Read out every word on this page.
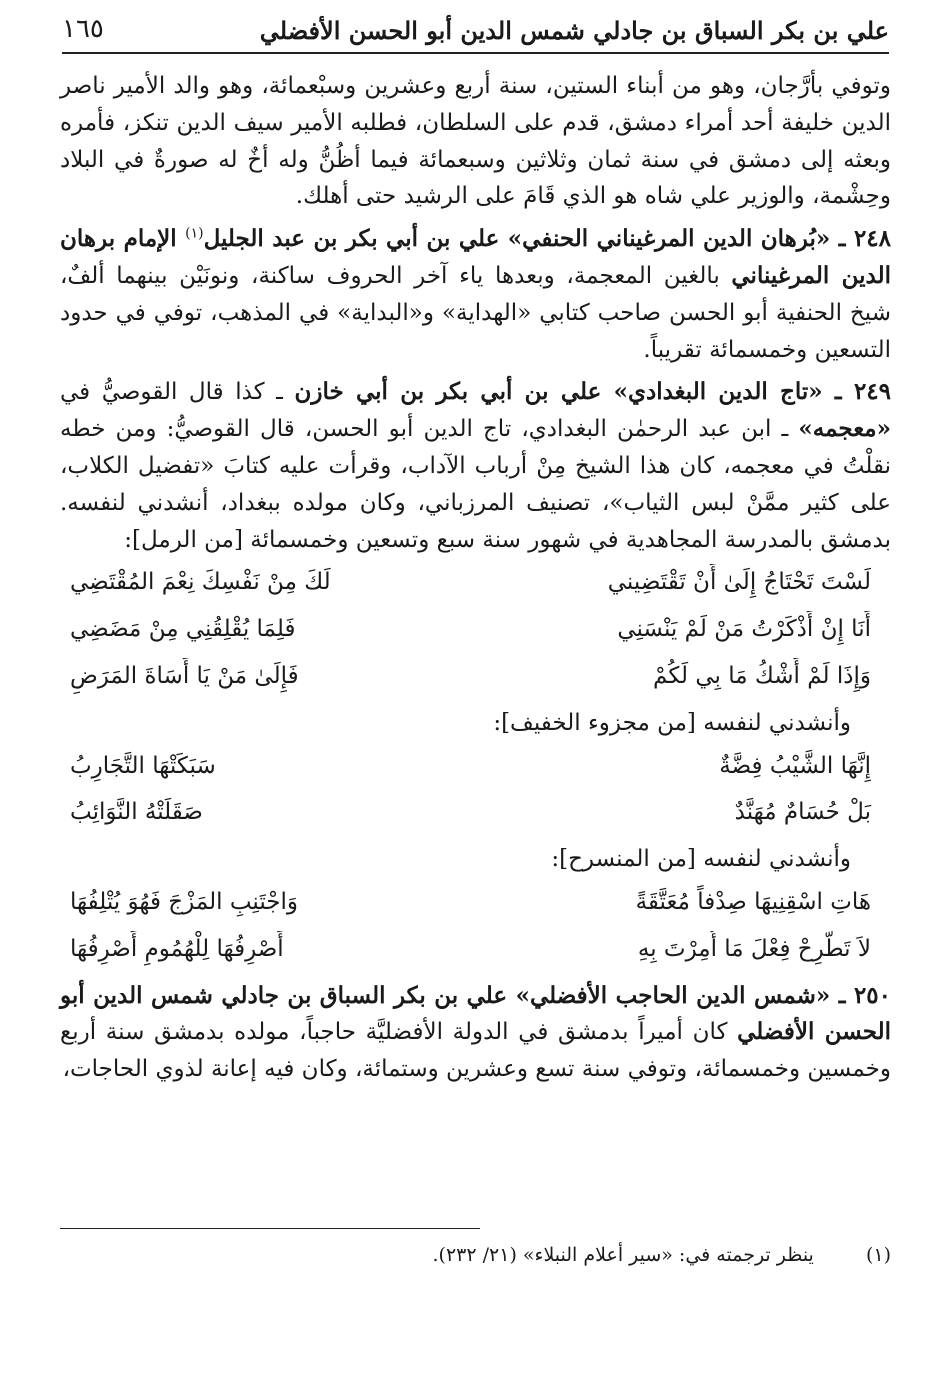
علي بن بكر السباق بن جادلي شمس الدين أبو الحسن الأفضلي
١٦٥

وتوفي بأرَّجان، وهو من أبناء الستين، سنة أربع وعشرين وسبْعمائة، وهو والد الأمير ناصر الدين خليفة أحد أمراء دمشق، قدم على السلطان، فطلبه الأمير سيف الدين تنكز، فأمره وبعثه إلى دمشق في سنة ثمان وثلاثين وسبعمائة فيما أظُنُّ وله أخٌ له صورةٌ في البلاد وحِشْمة، والوزير علي شاه هو الذي قَامَ على الرشيد حتى أهلك.

٢٤٨ ـ «بُرهان الدين المرغيناني الحنفي» علي بن أبي بكر بن عبد الجليل$^{(١)}$ الإمام برهان الدين المرغيناني بالغين المعجمة، وبعدها ياء آخر الحروف ساكنة، ونونَيْن بينهما ألفٌ، شيخ الحنفية أبو الحسن صاحب كتابي «الهداية» و«البداية» في المذهب، توفي في حدود التسعين وخمسمائة تقريباً.

٢٤٩ ـ «تاج الدين البغدادي» علي بن أبي بكر بن أبي خازن ـ كذا قال القوصيُّ في «معجمه» ـ ابن عبد الرحمٰن البغدادي، تاج الدين أبو الحسن، قال القوصيُّ: ومن خطه نقلْتُ في معجمه، كان هذا الشيخ مِنْ أرباب الآداب، وقرأت عليه كتابَ «تفضيل الكلاب، على كثير ممَّنْ لبس الثياب»، تصنيف المرزباني، وكان مولده ببغداد، أنشدني لنفسه. بدمشق بالمدرسة المجاهدية في شهور سنة سبع وتسعين وخمسمائة [من الرمل]:

لَسْتَ تَحْتَاجُ إِلَىٰ أَنْ تَقْتَضِيني
لَكَ مِنْ نَفْسِكَ نِعْمَ المُقْتَضِي
أَنَا إِنْ أَذْكَرْتُ مَنْ لَمْ يَنْسَنِي
فَلِمَا يُقْلِقُنِي مِنْ مَضَضِي
وَإِذَا لَمْ أَشْكُ مَا بِي لَكُمْ
فَإِلَىٰ مَنْ يَا أَسَاةَ المَرَضِ
وأنشدني لنفسه [من مجزوء الخفيف]:
إِنَّهَا الشَّيْبُ فِضَّةٌ
سَبَكَتْهَا التَّجَارِبُ
بَلْ حُسَامٌ مُهَنَّدٌ
صَقَلَتْهُ النَّوَائِبُ
وأنشدني لنفسه [من المنسرح]:
هَاتِ اسْقِنِيهَا صِدْفاً مُعَتَّقَةً
وَاجْتَنِبِ المَزْجَ فَهُوَ يُتْلِفُهَا
لاَ تَطَّرِحْ فِعْلَ مَا أُمِرْتَ بِهِ
أَصْرِفُهَا لِلْهُمُومِ أَصْرِفُهَا

٢٥٠ ـ «شمس الدين الحاجب الأفضلي» علي بن بكر السباق بن جادلي شمس الدين أبو الحسن الأفضلي كان أميراً بدمشق في الدولة الأفضليَّة حاجباً، مولده بدمشق سنة أربع وخمسين وخمسمائة، وتوفي سنة تسع وعشرين وستمائة، وكان فيه إعانة لذوي الحاجات،

(١)  ينظر ترجمته في: «سير أعلام النبلاء» (٢١/ ٢٣٢).
